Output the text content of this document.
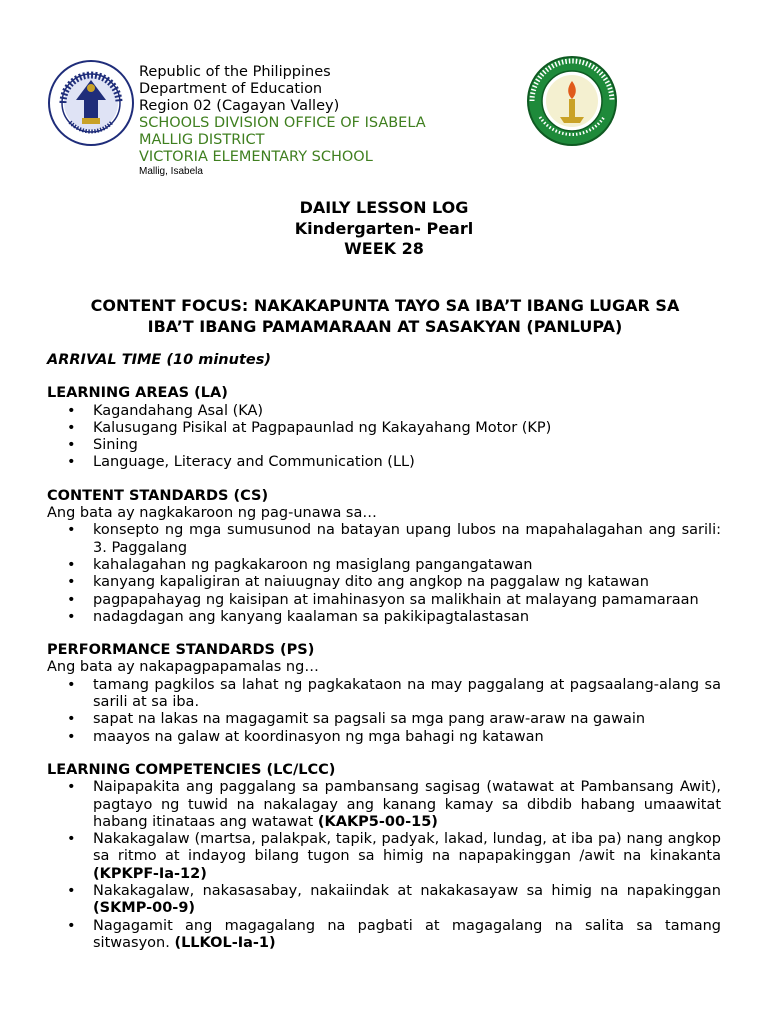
Republic of the Philippines
Department of Education
Region 02 (Cagayan Valley)
SCHOOLS DIVISION OFFICE OF ISABELA
MALLIG DISTRICT
VICTORIA ELEMENTARY SCHOOL
Mallig, Isabela
DAILY LESSON LOG
Kindergarten- Pearl
WEEK 28
CONTENT FOCUS: NAKAKAPUNTA TAYO SA IBA’T IBANG LUGAR SA
IBA’T IBANG PAMAMARAAN AT SASAKYAN (PANLUPA)

ARRIVAL TIME (10 minutes)

LEARNING AREAS (LA)

• Kagandahang Asal (KA)
• Kalusugang Pisikal at Pagpapaunlad ng Kakayahang Motor (KP)
• Sining
• Language, Literacy and Communication (LL)

CONTENT STANDARDS (CS)

Ang bata ay nagkakaroon ng pag-unawa sa…

• konsepto ng mga sumusunod na batayan upang lubos na mapahalagahan ang sarili: 3. Paggalang
• kahalagahan ng pagkakaroon ng masiglang pangangatawan
• kanyang kapaligiran at naiuugnay dito ang angkop na paggalaw ng katawan
• pagpapahayag ng kaisipan at imahinasyon sa malikhain at malayang pamamaraan
• nadagdagan ang kanyang kaalaman sa pakikipagtalastasan

PERFORMANCE STANDARDS (PS)

Ang bata ay nakapagpapamalas ng…

• tamang pagkilos sa lahat ng pagkakataon na may paggalang at pagsaalang-alang sa sarili at sa iba.
• sapat na lakas na magagamit sa pagsali sa mga pang araw-araw na gawain
• maayos na galaw at koordinasyon ng mga bahagi ng katawan

LEARNING COMPETENCIES (LC/LCC)

• Naipapakita ang paggalang sa pambansang sagisag (watawat at Pambansang Awit), pagtayo ng tuwid na nakalagay ang kanang kamay sa dibdib habang umaawitat habang itinataas ang watawat (KAKP5-00-15)
• Nakakagalaw (martsa, palakpak, tapik, padyak, lakad, lundag, at iba pa) nang angkop sa ritmo at indayog bilang tugon sa himig na napapakinggan /awit na kinakanta (KPKPF-Ia-12)
• Nakakagalaw, nakasasabay, nakaiindak at nakakasayaw sa himig na napakinggan (SKMP-00-9)
• Nagagamit ang magagalang na pagbati at magagalang na salita sa tamang sitwasyon. (LLKOL-Ia-1)
